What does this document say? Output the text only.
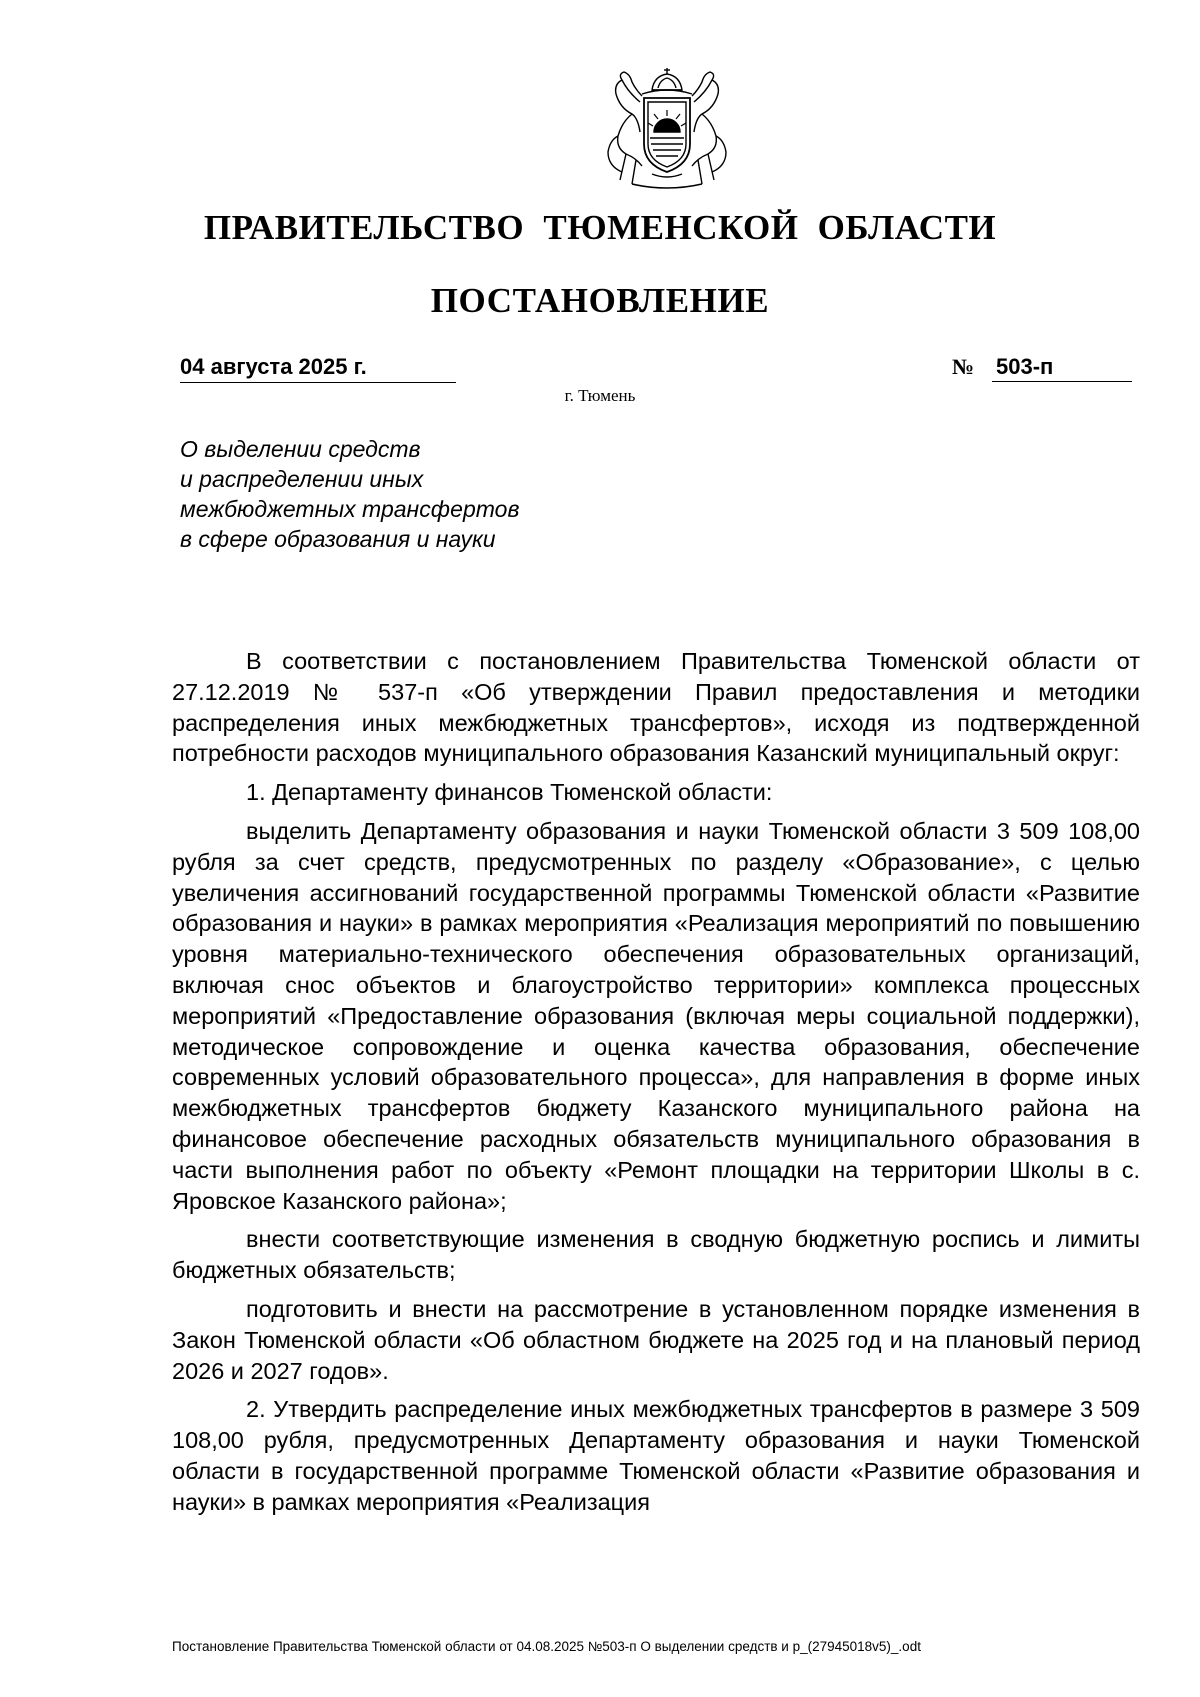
ПРАВИТЕЛЬСТВО ТЮМЕНСКОЙ ОБЛАСТИ
ПОСТАНОВЛЕНИЕ
04 августа 2025 г.	№ 503-п
г. Тюмень
О выделении средств
и распределении иных
межбюджетных трансфертов
в сфере образования и науки

В соответствии с постановлением Правительства Тюменской области от 27.12.2019 № 537-п «Об утверждении Правил предоставления и методики распределения иных межбюджетных трансфертов», исходя из подтвержденной потребности расходов муниципального образования Казанский муниципальный округ:

1. Департаменту финансов Тюменской области:

выделить Департаменту образования и науки Тюменской области 3 509 108,00 рубля за счет средств, предусмотренных по разделу «Образование», с целью увеличения ассигнований государственной программы Тюменской области «Развитие образования и науки» в рамках мероприятия «Реализация мероприятий по повышению уровня материально-технического обеспечения образовательных организаций, включая снос объектов и благоустройство территории» комплекса процессных мероприятий «Предоставление образования (включая меры социальной поддержки), методическое сопровождение и оценка качества образования, обеспечение современных условий образовательного процесса», для направления в форме иных межбюджетных трансфертов бюджету Казанского муниципального района на финансовое обеспечение расходных обязательств муниципального образования в части выполнения работ по объекту «Ремонт площадки на территории Школы в с. Яровское Казанского района»;

внести соответствующие изменения в сводную бюджетную роспись и лимиты бюджетных обязательств;

подготовить и внести на рассмотрение в установленном порядке изменения в Закон Тюменской области «Об областном бюджете на 2025 год и на плановый период 2026 и 2027 годов».

2. Утвердить распределение иных межбюджетных трансфертов в размере 3 509 108,00 рубля, предусмотренных Департаменту образования и науки Тюменской области в государственной программе Тюменской области «Развитие образования и науки» в рамках мероприятия «Реализация

Постановление Правительства Тюменской области от 04.08.2025 №503-п О выделении средств и р_(27945018v5)_.odt
